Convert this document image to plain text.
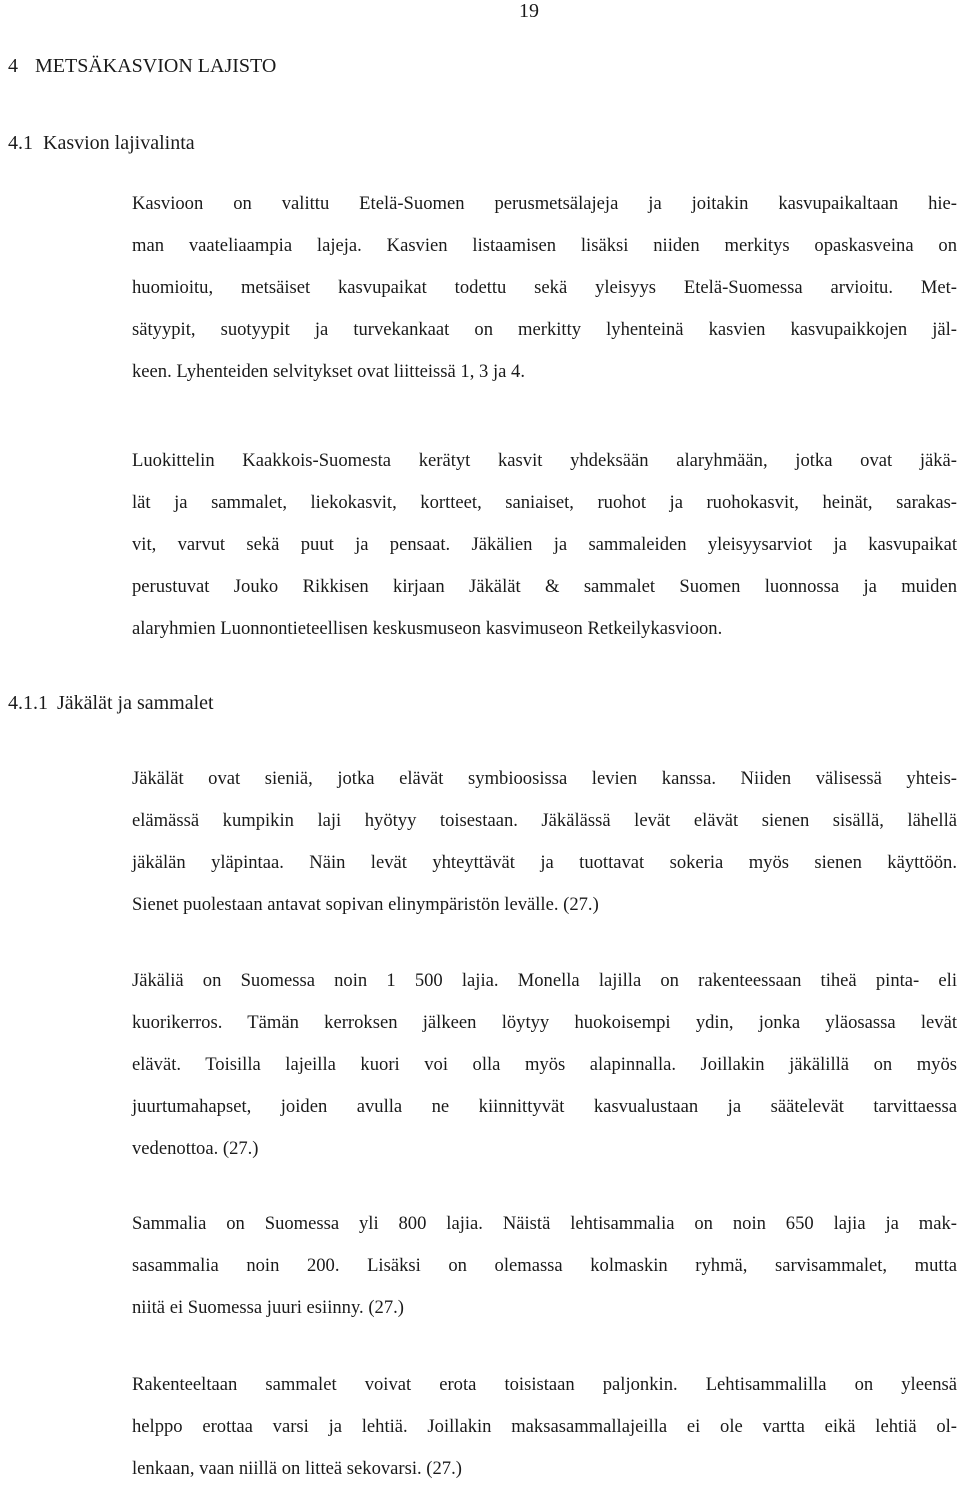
19
4 METSÄKASVION LAJISTO
4.1 Kasvion lajivalinta
Kasvioon on valittu Etelä-Suomen perusmetsälajeja ja joitakin kasvupaikaltaan hie-
man vaateliaampia lajeja. Kasvien listaamisen lisäksi niiden merkitys opaskasveina on
huomioitu, metsäiset kasvupaikat todettu sekä yleisyys Etelä-Suomessa arvioitu. Met-
sätyypit, suotyypit ja turvekankaat on merkitty lyhenteinä kasvien kasvupaikkojen jäl-
keen. Lyhenteiden selvitykset ovat liitteissä 1, 3 ja 4.
Luokittelin Kaakkois-Suomesta kerätyt kasvit yhdeksään alaryhmään, jotka ovat jäkä-
lät ja sammalet, liekokasvit, kortteet, saniaiset, ruohot ja ruohokasvit, heinät, sarakas-
vit, varvut sekä puut ja pensaat. Jäkälien ja sammaleiden yleisyysarviot ja kasvupaikat
perustuvat Jouko Rikkisen kirjaan Jäkälät & sammalet Suomen luonnossa ja muiden
alaryhmien Luonnontieteellisen keskusmuseon kasvimuseon Retkeilykasvioon.
4.1.1 Jäkälät ja sammalet
Jäkälät ovat sieniä, jotka elävät symbioosissa levien kanssa. Niiden välisessä yhteis-
elämässä kumpikin laji hyötyy toisestaan. Jäkälässä levät elävät sienen sisällä, lähellä
jäkälän yläpintaa. Näin levät yhteyttävät ja tuottavat sokeria myös sienen käyttöön.
Sienet puolestaan antavat sopivan elinympäristön levälle. (27.)
Jäkäliä on Suomessa noin 1 500 lajia. Monella lajilla on rakenteessaan tiheä pinta- eli
kuorikerros. Tämän kerroksen jälkeen löytyy huokoisempi ydin, jonka yläosassa levät
elävät. Toisilla lajeilla kuori voi olla myös alapinnalla. Joillakin jäkälillä on myös
juurtumahapset, joiden avulla ne kiinnittyvät kasvualustaan ja säätelevät tarvittaessa
vedenottoa. (27.)
Sammalia on Suomessa yli 800 lajia. Näistä lehtisammalia on noin 650 lajia ja mak-
sasammalia noin 200. Lisäksi on olemassa kolmaskin ryhmä, sarvisammalet, mutta
niitä ei Suomessa juuri esiinny. (27.)
Rakenteeltaan sammalet voivat erota toisistaan paljonkin. Lehtisammalilla on yleensä
helppo erottaa varsi ja lehtiä. Joillakin maksasammallajeilla ei ole vartta eikä lehtiä ol-
lenkaan, vaan niillä on litteä sekovarsi. (27.)
